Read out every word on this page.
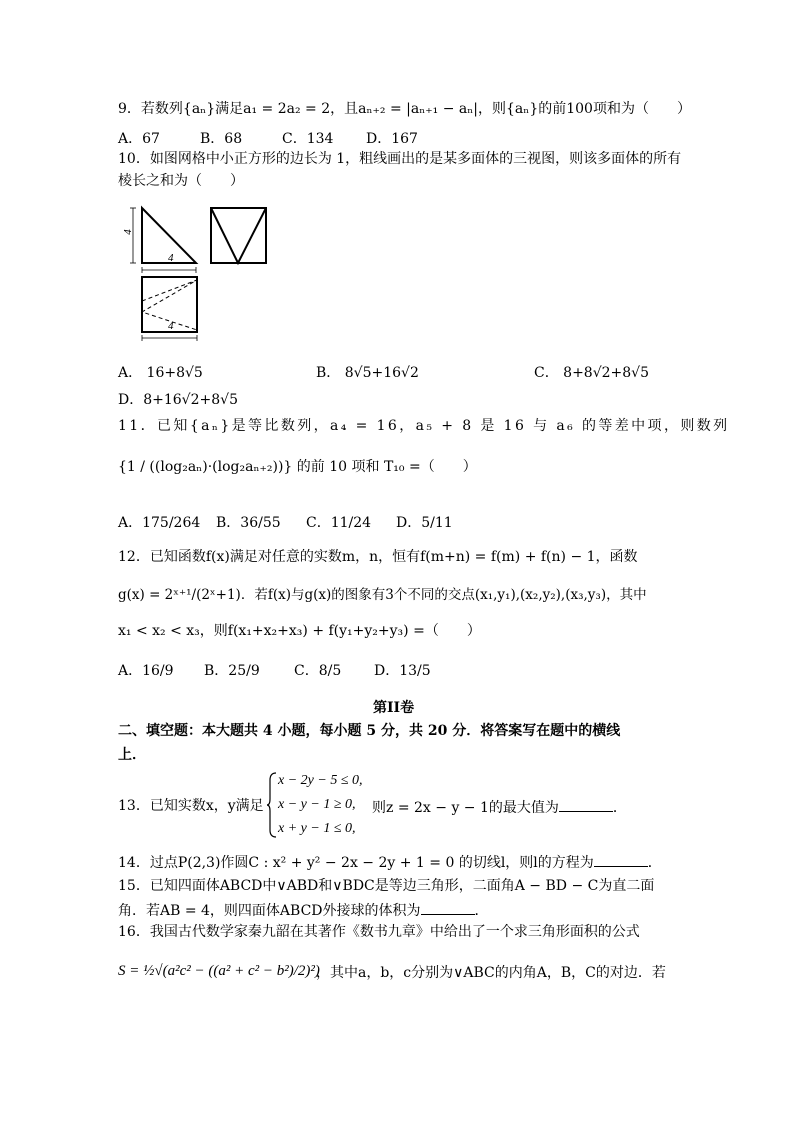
9．若数列{aₙ}满足a₁ = 2a₂ = 2，且aₙ₊₂ = |aₙ₊₁ − aₙ|，则{aₙ}的前100项和为（　　）
A．67	B．68	C．134 D．167
10．如图网格中小正方形的边长为 1，粗线画出的是某多面体的三视图，则该多面体的所有
棱长之和为（　　）
4
4
4
A． 16+8√5	B． 8√5+16√2	C． 8+8√2+8√5
D．8+16√2+8√5
11．已知{aₙ}是等比数列，a₄ = 16，a₅ + 8 是 16 与 a₆ 的等差中项，则数列
{1 / ((log₂aₙ)·(log₂aₙ₊₂))} 的前 10 项和 T₁₀ =（　　）
A．175/264 B．36/55 C．11/24 D．5/11
12．已知函数f(x)满足对任意的实数m，n，恒有f(m+n) = f(m) + f(n) − 1，函数
g(x) = 2ˣ⁺¹/(2ˣ+1)．若f(x)与g(x)的图象有3个不同的交点(x₁,y₁),(x₂,y₂),(x₃,y₃)，其中
x₁ < x₂ < x₃，则f(x₁+x₂+x₃) + f(y₁+y₂+y₃) =（　　）
A．16/9 B．25/9 C．8/5 D．13/5
第II卷
二、填空题：本大题共 4 小题，每小题 5 分，共 20 分．将答案写在题中的横线
上．
13．已知实数x，y满足
x − 2y − 5 ≤ 0,
x − y − 1 ≥ 0,
x + y − 1 ≤ 0,
则z = 2x − y − 1的最大值为	．
14．过点P(2,3)作圆C : x² + y² − 2x − 2y + 1 = 0 的切线l，则l的方程为	．
15．已知四面体ABCD中∨ABD和∨BDC是等边三角形，二面角A − BD − C为直二面
角．若AB = 4，则四面体ABCD外接球的体积为	．
16．我国古代数学家秦九韶在其著作《数书九章》中给出了一个求三角形面积的公式
S = ½√(a²c² − ((a² + c² − b²)/2)²)
，其中a，b，c分别为∨ABC的内角A，B，C的对边．若
